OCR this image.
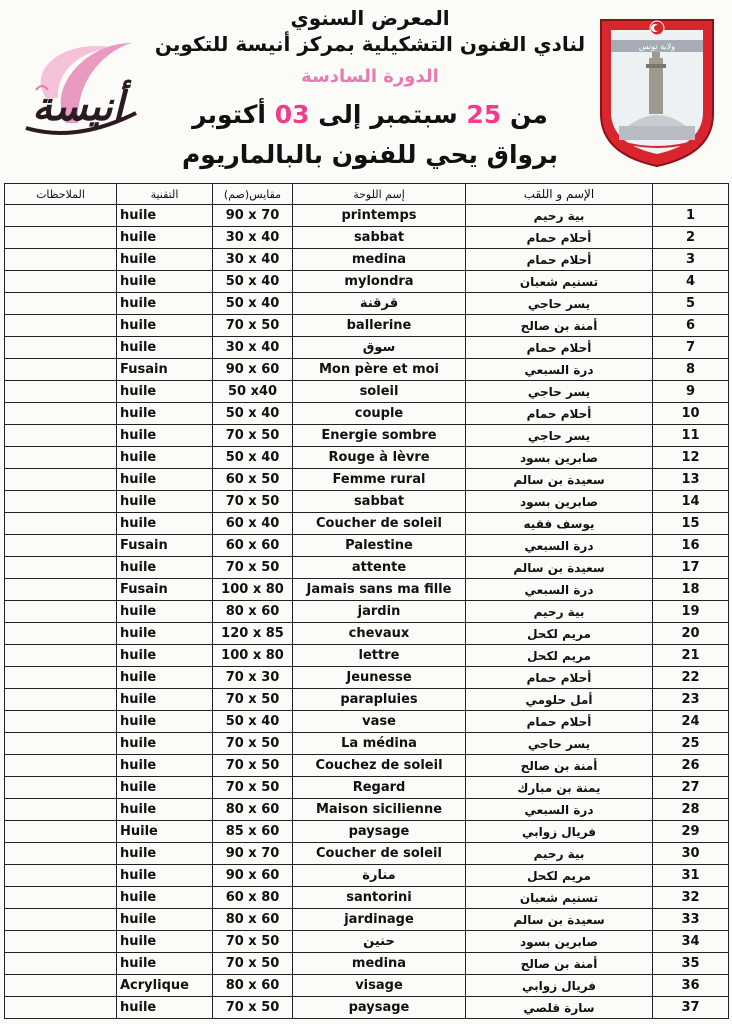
المعرض السنوي
لنادي الفنون التشكيلية بمركز أنيسة للتكوين
الدورة السادسة
من 25 سبتمبر إلى 03 أكتوبر
برواق يحي للفنون بالبالماريوم
أنيسة
ولاية تونس
	الإسم و اللقب	إسم اللوحة	مقايس(صم)	التقنية	الملاحظات
1	بية رحيم	printemps	90 x 70	huile	
2	أحلام حمام	sabbat	30 x 40	huile	
3	أحلام حمام	medina	30 x 40	huile	
4	تسنيم شعبان	mylondra	50 x 40	huile	
5	يسر حاجي	قرقنة	50 x 40	huile	
6	أمنة بن صالح	ballerine	70 x 50	huile	
7	أحلام حمام	سوق	30 x 40	huile	
8	درة السبعي	Mon père et moi	90 x 60	Fusain	
9	يسر حاجي	soleil	50 x40	huile	
10	أحلام حمام	couple	50 x 40	huile	
11	يسر حاجي	Energie sombre	70 x 50	huile	
12	صابرين بسود	Rouge à lèvre	50 x 40	huile	
13	سعيدة بن سالم	Femme rural	60 x 50	huile	
14	صابرين بسود	sabbat	70 x 50	huile	
15	يوسف فقيه	Coucher de soleil	60 x 40	huile	
16	درة السبعي	Palestine	60 x 60	Fusain	
17	سعيدة بن سالم	attente	70 x 50	huile	
18	درة السبعي	Jamais sans ma fille	100 x 80	Fusain	
19	بية رحيم	jardin	80 x 60	huile	
20	مريم لكحل	chevaux	120 x 85	huile	
21	مريم لكحل	lettre	100 x 80	huile	
22	أحلام حمام	Jeunesse	70 x 30	huile	
23	أمل حلومي	parapluies	70 x 50	huile	
24	أحلام حمام	vase	50 x 40	huile	
25	يسر حاجي	La médina	70 x 50	huile	
26	أمنة بن صالح	Couchez de soleil	70 x 50	huile	
27	يمنة بن مبارك	Regard	70 x 50	huile	
28	درة السبعي	Maison sicilienne	80 x 60	huile	
29	فريال زوابي	paysage	85 x 60	Huile	
30	بية رحيم	Coucher de soleil	90 x 70	huile	
31	مريم لكحل	منارة	90 x 60	huile	
32	تسنيم شعبان	santorini	60 x 80	huile	
33	سعيدة بن سالم	jardinage	80 x 60	huile	
34	صابرين بسود	حنين	70 x 50	huile	
35	أمنة بن صالح	medina	70 x 50	huile	
36	فريال زوابي	visage	80 x 60	Acrylique	
37	سارة قلصي	paysage	70 x 50	huile	
